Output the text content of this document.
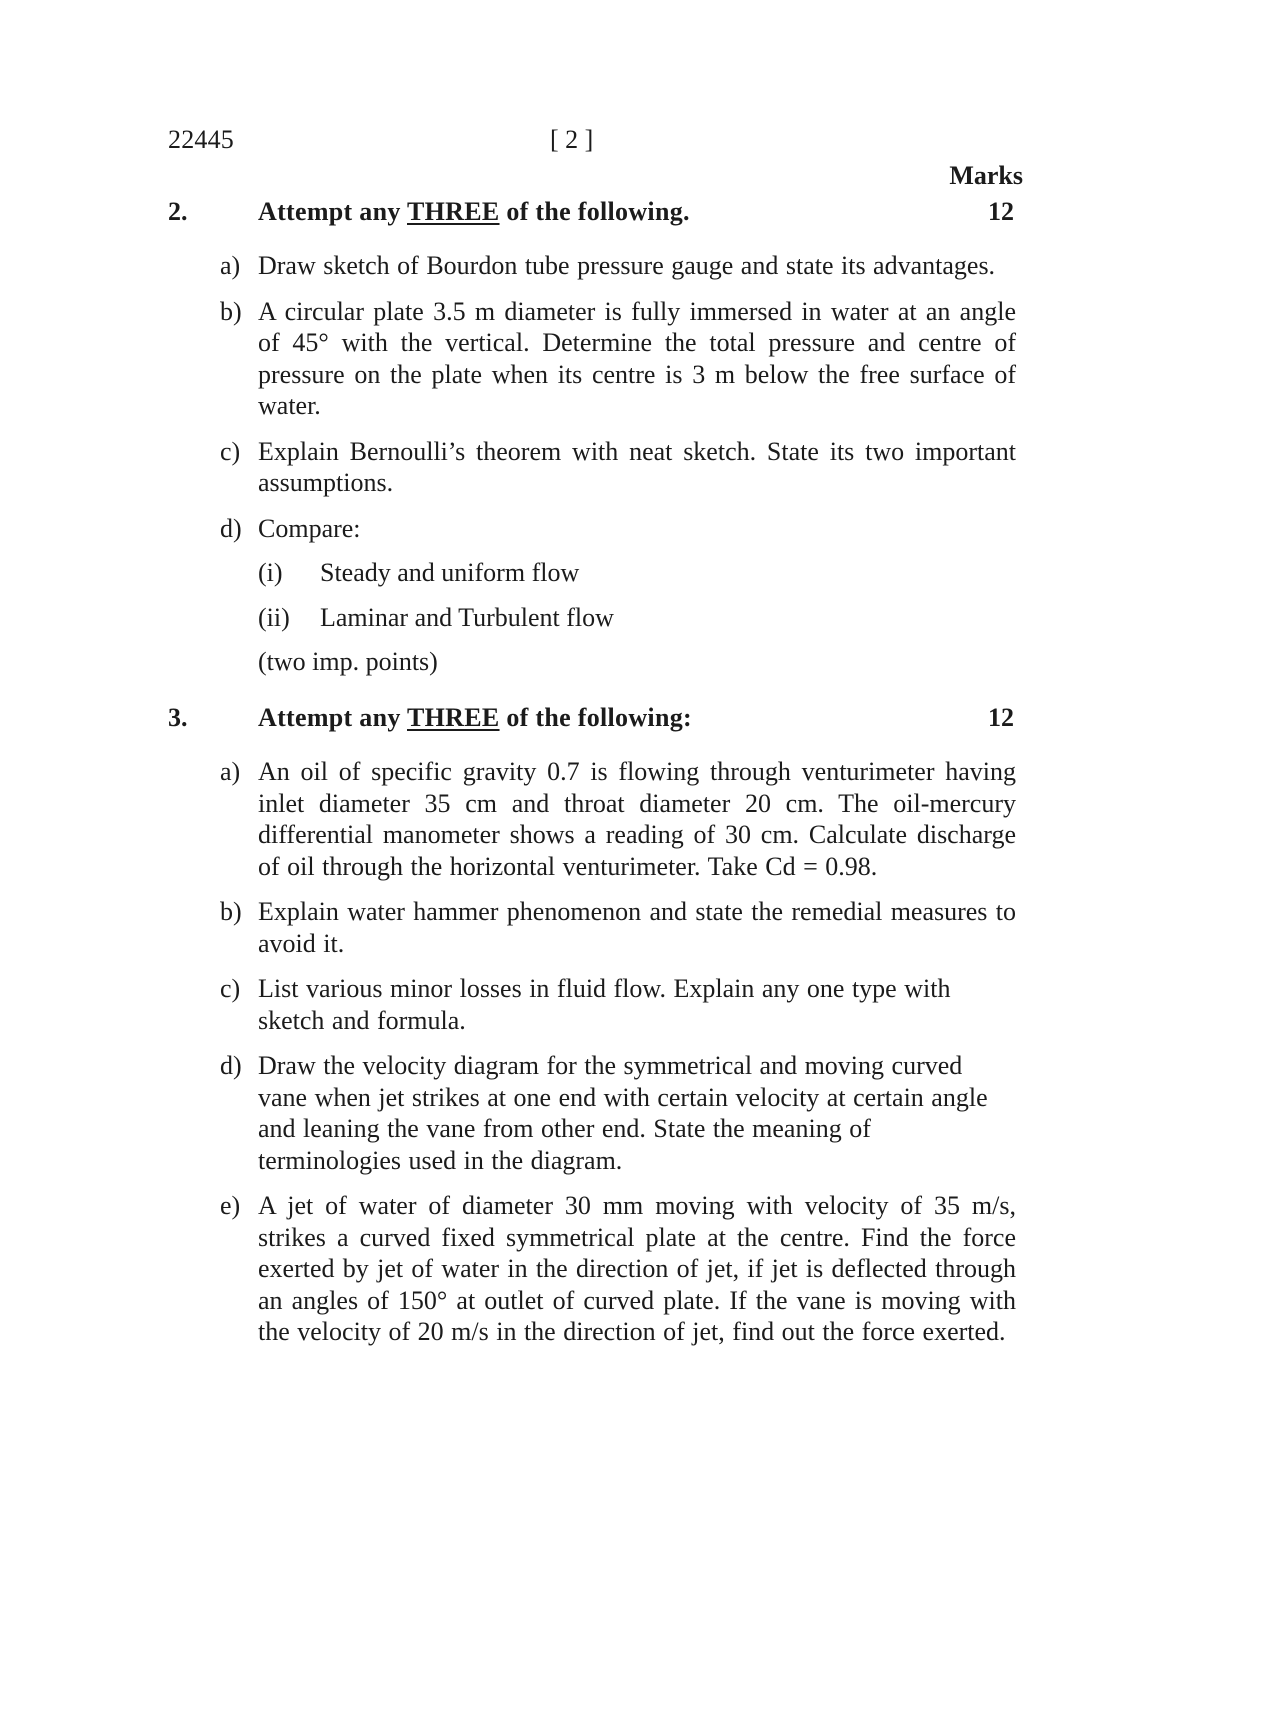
22445	[ 2 ]
Marks
2.	Attempt any THREE of the following.	12
a) Draw sketch of Bourdon tube pressure gauge and state its advantages.
b) A circular plate 3.5 m diameter is fully immersed in water at an angle of 45° with the vertical. Determine the total pressure and centre of pressure on the plate when its centre is 3 m below the free surface of water.
c) Explain Bernoulli’s theorem with neat sketch. State its two important assumptions.
d) Compare:
(i) Steady and uniform flow
(ii) Laminar and Turbulent flow
(two imp. points)
3.	Attempt any THREE of the following:	12
a) An oil of specific gravity 0.7 is flowing through venturimeter having inlet diameter 35 cm and throat diameter 20 cm. The oil-mercury differential manometer shows a reading of 30 cm. Calculate discharge of oil through the horizontal venturimeter. Take Cd = 0.98.
b) Explain water hammer phenomenon and state the remedial measures to avoid it.
c) List various minor losses in fluid flow. Explain any one type with sketch and formula.
d) Draw the velocity diagram for the symmetrical and moving curved vane when jet strikes at one end with certain velocity at certain angle and leaning the vane from other end. State the meaning of terminologies used in the diagram.
e) A jet of water of diameter 30 mm moving with velocity of 35 m/s, strikes a curved fixed symmetrical plate at the centre. Find the force exerted by jet of water in the direction of jet, if jet is deflected through an angles of 150° at outlet of curved plate. If the vane is moving with the velocity of 20 m/s in the direction of jet, find out the force exerted.
